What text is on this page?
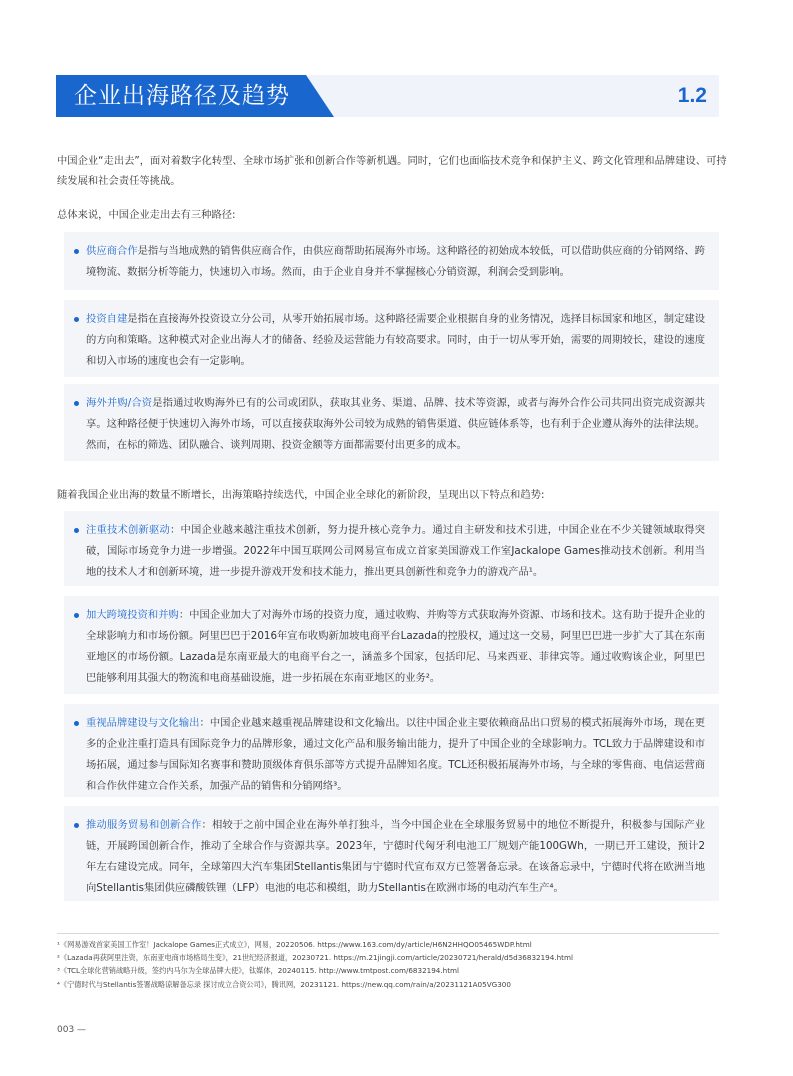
企业出海路径及趋势	1.2
中国企业“走出去”，面对着数字化转型、全球市场扩张和创新合作等新机遇。同时，它们也面临技术竞争和保护主义、跨文化管理和品牌建设、可持续发展和社会责任等挑战。
总体来说，中国企业走出去有三种路径:
供应商合作是指与当地成熟的销售供应商合作，由供应商帮助拓展海外市场。这种路径的初始成本较低，可以借助供应商的分销网络、跨境物流、数据分析等能力，快速切入市场。然而，由于企业自身并不掌握核心分销资源，利润会受到影响。
投资自建是指在直接海外投资设立分公司，从零开始拓展市场。这种路径需要企业根据自身的业务情况，选择目标国家和地区，制定建设的方向和策略。这种模式对企业出海人才的储备、经验及运营能力有较高要求。同时，由于一切从零开始，需要的周期较长，建设的速度和切入市场的速度也会有一定影响。
海外并购/合资是指通过收购海外已有的公司或团队，获取其业务、渠道、品牌、技术等资源，或者与海外合作公司共同出资完成资源共享。这种路径便于快速切入海外市场，可以直接获取海外公司较为成熟的销售渠道、供应链体系等，也有利于企业遵从海外的法律法规。然而，在标的筛选、团队融合、谈判周期、投资金额等方面都需要付出更多的成本。
随着我国企业出海的数量不断增长，出海策略持续迭代，中国企业全球化的新阶段，呈现出以下特点和趋势:
注重技术创新驱动：中国企业越来越注重技术创新，努力提升核心竞争力。通过自主研发和技术引进，中国企业在不少关键领域取得突破，国际市场竞争力进一步增强。2022年中国互联网公司网易宣布成立首家美国游戏工作室Jackalope Games推动技术创新。利用当地的技术人才和创新环境，进一步提升游戏开发和技术能力，推出更具创新性和竞争力的游戏产品¹。
加大跨境投资和并购：中国企业加大了对海外市场的投资力度，通过收购、并购等方式获取海外资源、市场和技术。这有助于提升企业的全球影响力和市场份额。阿里巴巴于2016年宣布收购新加坡电商平台Lazada的控股权，通过这一交易，阿里巴巴进一步扩大了其在东南亚地区的市场份额。Lazada是东南亚最大的电商平台之一，涵盖多个国家，包括印尼、马来西亚、菲律宾等。通过收购该企业，阿里巴巴能够利用其强大的物流和电商基础设施，进一步拓展在东南亚地区的业务²。
重视品牌建设与文化输出：中国企业越来越重视品牌建设和文化输出。以往中国企业主要依赖商品出口贸易的模式拓展海外市场，现在更多的企业注重打造具有国际竞争力的品牌形象，通过文化产品和服务输出能力，提升了中国企业的全球影响力。TCL致力于品牌建设和市场拓展，通过参与国际知名赛事和赞助顶级体育俱乐部等方式提升品牌知名度。TCL还积极拓展海外市场，与全球的零售商、电信运营商和合作伙伴建立合作关系，加强产品的销售和分销网络³。
推动服务贸易和创新合作：相较于之前中国企业在海外单打独斗，当今中国企业在全球服务贸易中的地位不断提升，积极参与国际产业链，开展跨国创新合作，推动了全球合作与资源共享。2023年，宁德时代匈牙利电池工厂规划产能100GWh，一期已开工建设，预计2年左右建设完成。同年，全球第四大汽车集团Stellantis集团与宁德时代宣布双方已签署备忘录。在该备忘录中，宁德时代将在欧洲当地向Stellantis集团供应磷酸铁锂（LFP）电池的电芯和模组，助力Stellantis在欧洲市场的电动汽车生产⁴。
¹《网易游戏首家美国工作室！Jackalope Games正式成立》，网易，20220506. https://www.163.com/dy/article/H6N2HHQO05465WDP.html
²《Lazada再获阿里注资，东南亚电商市场格局生变》，21世纪经济报道，20230721. https://m.21jingji.com/article/20230721/herald/d5d36832194.html
³《TCL全球化营销战略升级，签约内马尔为全球品牌大使》，钛媒体，20240115. http://www.tmtpost.com/6832194.html
⁴《宁德时代与Stellantis签署战略谅解备忘录 探讨成立合资公司》，腾讯网，20231121. https://new.qq.com/rain/a/20231121A05VG300
003 —
